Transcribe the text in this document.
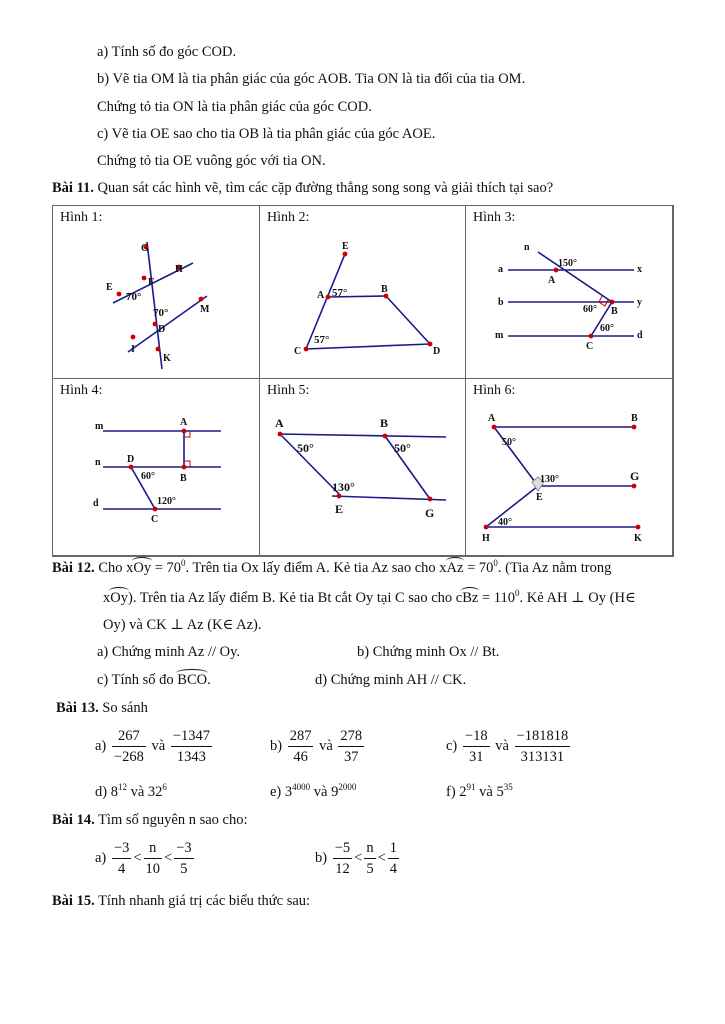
a) Tính số đo góc COD.
b) Vẽ tia OM là tia phân giác của góc AOB. Tia ON là tia đối của tia OM.
Chứng tỏ tia ON là tia phân giác của góc COD.
c) Vẽ tia OE sao cho tia OB là tia phân giác của góc AOE.
Chứng tỏ tia OE vuông góc với tia ON.
Bài 11. Quan sát các hình vẽ, tìm các cặp đường thẳng song song và giải thích tại sao?
Hình 1:
G
H
E	F
M
D
I
K
70°
70°
Hình 2:
E
A
B
C	D
57°
57°
Hình 3:
n
a	x
b	y
m	d
A
B
C
150°
60°
60°
Hình 4:
m
n
d
A
B
C
D
60°
120°
Hình 5:
A	B
E	G
50°	50°
130°
Hình 6:
A	B
E
G
H	K
50°
130°
40°
Bài 12. Cho xOy = $70^0$. Trên tia Ox lấy điểm A. Kẻ tia Az sao cho xAz = $70^0$. (Tia Az nằm trong
xOy). Trên tia Az lấy điểm B. Kẻ tia Bt cắt Oy tại C sao cho cBz = $110^0$. Kẻ AH ⊥ Oy (H∈
Oy) và CK ⊥ Az (K∈ Az).
a) Chứng minh Az // Oy.	b) Chứng minh Ox // Bt.
c) Tính số đo BCO.	d) Chứng minh AH // CK.
Bài 13. So sánh
$a) \frac{267}{-268}$ và $\frac{-1347}{1343}$	$b) \frac{287}{46}$ và $\frac{278}{37}$	$c) \frac{-18}{31}$ và $\frac{-181818}{313131}$
d) $8^{12}$ và $32^6$	e) $3^{4000}$ và $9^{2000}$	f) $2^{91}$ và $5^{35}$
Bài 14. Tìm số nguyên n sao cho:
$a) \frac{-3}{4} < \frac{n}{10} < \frac{-3}{5}$	$b) \frac{-5}{12} < \frac{n}{5} < \frac{1}{4}$
Bài 15. Tính nhanh giá trị các biểu thức sau:
